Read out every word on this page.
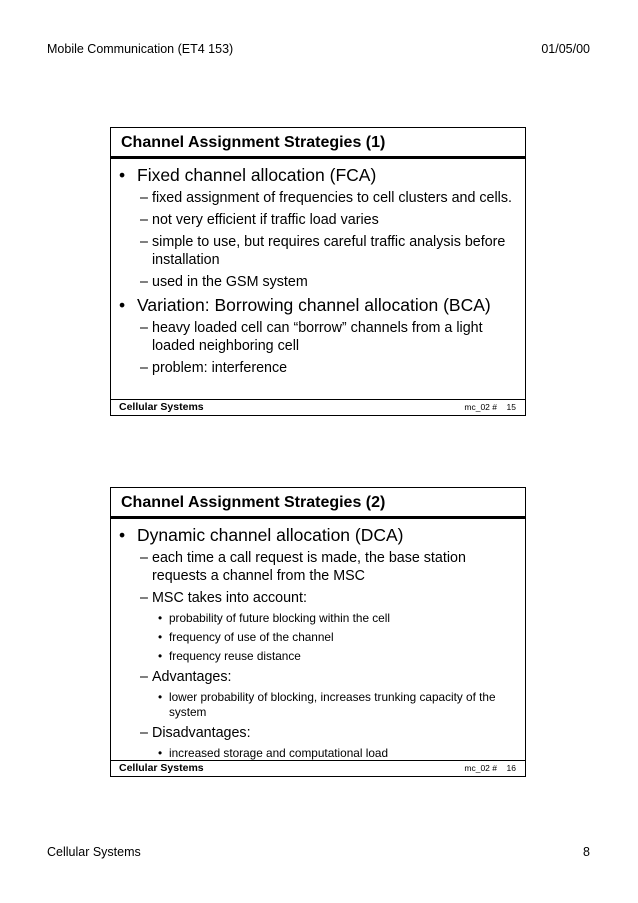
Mobile Communication (ET4 153)	01/05/00
Channel Assignment Strategies (1)
• Fixed channel allocation (FCA)
– fixed assignment of frequencies to cell clusters and cells.
– not very efficient if traffic load varies
– simple to use, but requires careful traffic analysis before installation
– used in the GSM system
• Variation: Borrowing channel allocation (BCA)
– heavy loaded cell can “borrow” channels from a light loaded neighboring cell
– problem: interference
Cellular Systems	mc_02 # 15
Channel Assignment Strategies (2)
• Dynamic channel allocation (DCA)
– each time a call request is made, the base station requests a channel from the MSC
– MSC takes into account:
• probability of future blocking within the cell
• frequency of use of the channel
• frequency reuse distance
– Advantages:
• lower probability of blocking, increases trunking capacity of the system
– Disadvantages:
• increased storage and computational load
Cellular Systems	mc_02 # 16
Cellular Systems	8
